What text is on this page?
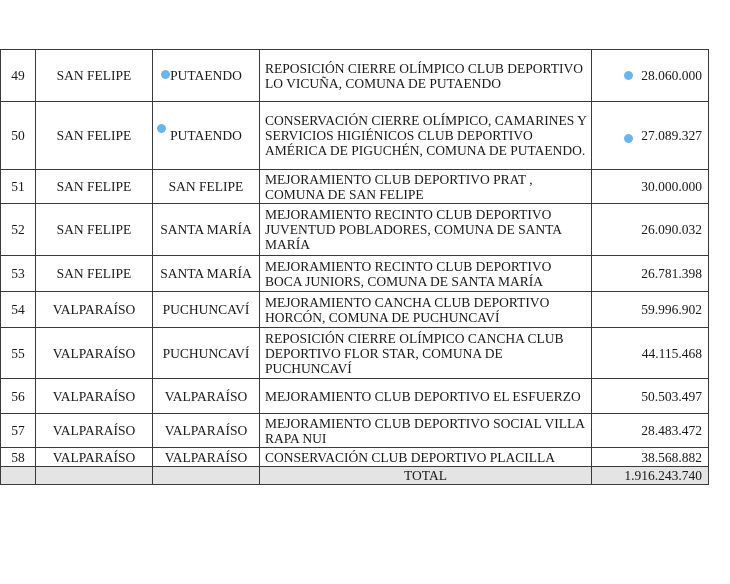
49	SAN FELIPE	PUTAENDO	REPOSICIÓN CIERRE OLÍMPICO CLUB DEPORTIVO LO VICUÑA, COMUNA DE PUTAENDO	28.060.000
50	SAN FELIPE	PUTAENDO	CONSERVACIÓN CIERRE OLÍMPICO, CAMARINES Y SERVICIOS HIGIÉNICOS CLUB DEPORTIVO AMÉRICA DE PIGUCHÉN, COMUNA DE PUTAENDO.	27.089.327
51	SAN FELIPE	SAN FELIPE	MEJORAMIENTO CLUB DEPORTIVO PRAT , COMUNA DE SAN FELIPE	30.000.000
52	SAN FELIPE	SANTA MARÍA	MEJORAMIENTO RECINTO CLUB DEPORTIVO JUVENTUD POBLADORES, COMUNA DE SANTA MARÍA	26.090.032
53	SAN FELIPE	SANTA MARÍA	MEJORAMIENTO RECINTO CLUB DEPORTIVO BOCA JUNIORS, COMUNA DE SANTA MARÍA	26.781.398
54	VALPARAÍSO	PUCHUNCAVÍ	MEJORAMIENTO CANCHA CLUB DEPORTIVO HORCÓN, COMUNA DE PUCHUNCAVÍ	59.996.902
55	VALPARAÍSO	PUCHUNCAVÍ	REPOSICIÓN CIERRE OLÍMPICO CANCHA CLUB DEPORTIVO FLOR STAR, COMUNA DE PUCHUNCAVÍ	44.115.468
56	VALPARAÍSO	VALPARAÍSO	MEJORAMIENTO CLUB DEPORTIVO EL ESFUERZO	50.503.497
57	VALPARAÍSO	VALPARAÍSO	MEJORAMIENTO CLUB DEPORTIVO SOCIAL VILLA RAPA NUI	28.483.472
58	VALPARAÍSO	VALPARAÍSO	CONSERVACIÓN CLUB DEPORTIVO PLACILLA	38.568.882
			TOTAL	1.916.243.740
